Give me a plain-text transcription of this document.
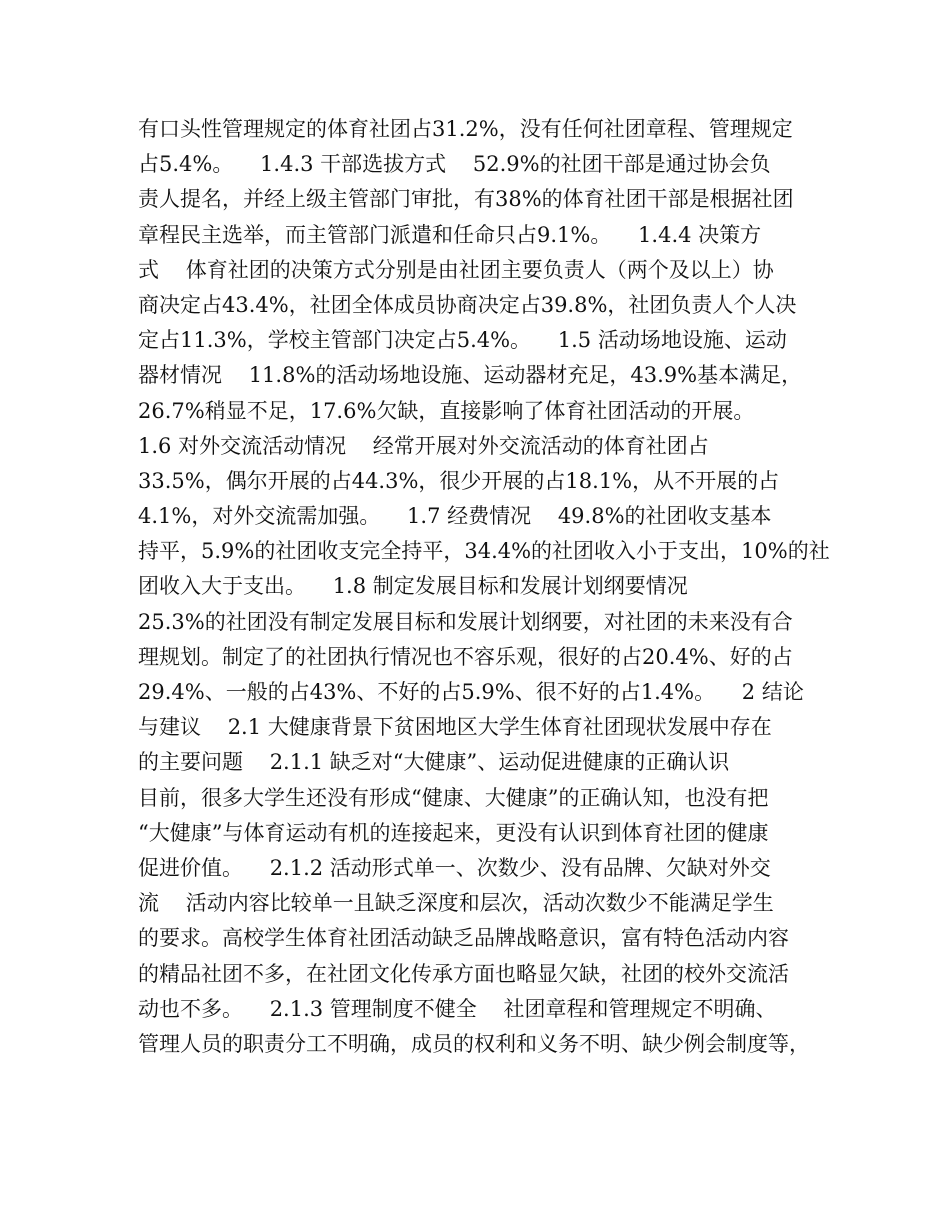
有口头性管理规定的体育社团占31.2%，没有任何社团章程、管理规定
占5.4%。    1.4.3 干部选拔方式    52.9%的社团干部是通过协会负
责人提名，并经上级主管部门审批，有38%的体育社团干部是根据社团
章程民主选举，而主管部门派遣和任命只占9.1%。    1.4.4 决策方
式    体育社团的决策方式分别是由社团主要负责人（两个及以上）协
商决定占43.4%，社团全体成员协商决定占39.8%，社团负责人个人决
定占11.3%，学校主管部门决定占5.4%。    1.5 活动场地设施、运动
器材情况    11.8%的活动场地设施、运动器材充足，43.9%基本满足，
26.7%稍显不足，17.6%欠缺，直接影响了体育社团活动的开展。
1.6 对外交流活动情况    经常开展对外交流活动的体育社团占
33.5%，偶尔开展的占44.3%，很少开展的占18.1%，从不开展的占
4.1%，对外交流需加强。    1.7 经费情况    49.8%的社团收支基本
持平，5.9%的社团收支完全持平，34.4%的社团收入小于支出，10%的社
团收入大于支出。    1.8 制定发展目标和发展计划纲要情况
25.3%的社团没有制定发展目标和发展计划纲要，对社团的未来没有合
理规划。制定了的社团执行情况也不容乐观，很好的占20.4%、好的占
29.4%、一般的占43%、不好的占5.9%、很不好的占1.4%。    2 结论
与建议    2.1 大健康背景下贫困地区大学生体育社团现状发展中存在
的主要问题    2.1.1 缺乏对“大健康”、运动促进健康的正确认识
目前，很多大学生还没有形成“健康、大健康”的正确认知，也没有把
“大健康”与体育运动有机的连接起来，更没有认识到体育社团的健康
促进价值。    2.1.2 活动形式单一、次数少、没有品牌、欠缺对外交
流    活动内容比较单一且缺乏深度和层次，活动次数少不能满足学生
的要求。高校学生体育社团活动缺乏品牌战略意识，富有特色活动内容
的精品社团不多，在社团文化传承方面也略显欠缺，社团的校外交流活
动也不多。    2.1.3 管理制度不健全    社团章程和管理规定不明确、
管理人员的职责分工不明确，成员的权利和义务不明、缺少例会制度等，
